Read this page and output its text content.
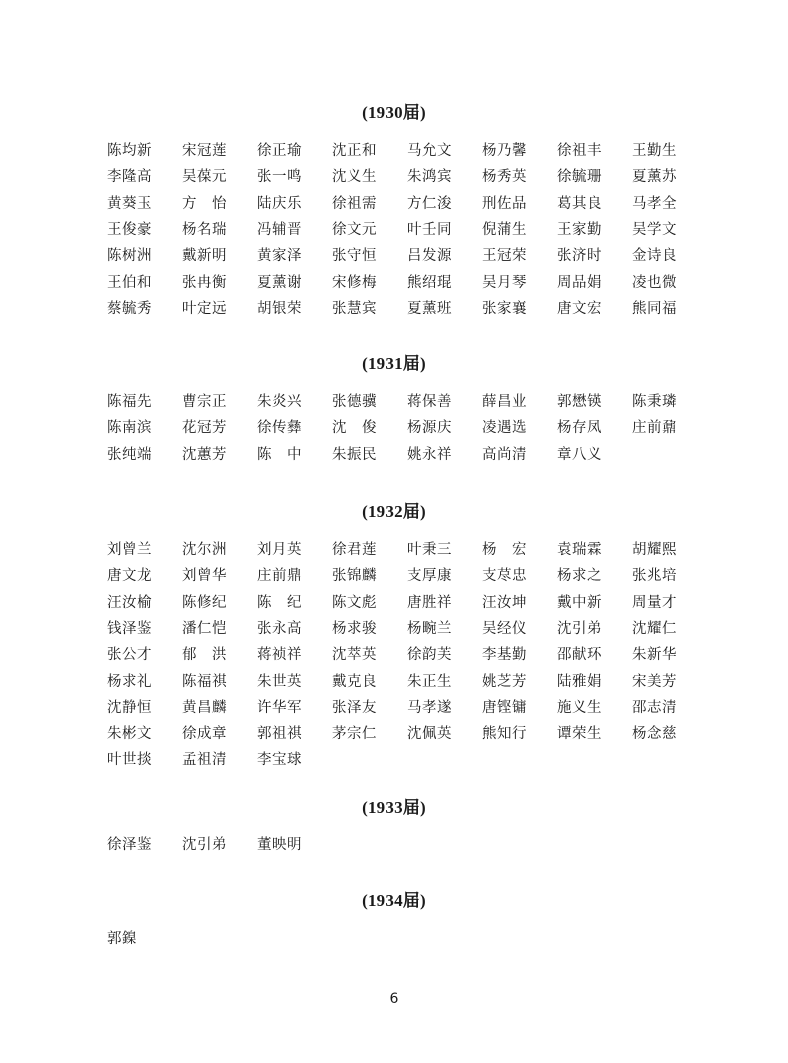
(1930届)
陈均新 宋冠莲 徐正瑜 沈正和 马允文 杨乃馨 徐祖丰 王勤生
李隆高 吴葆元 张一鸣 沈义生 朱鸿宾 杨秀英 徐毓珊 夏薰苏
黄葵玉 方　怡 陆庆乐 徐祖需 方仁浚 刑佐品 葛其良 马孝全
王俊豪 杨名瑞 冯辅晋 徐文元 叶壬同 倪蒲生 王家勤 吴学文
陈树洲 戴新明 黄家泽 张守恒 吕发源 王冠荣 张济时 金诗良
王伯和 张冉衡 夏薰谢 宋修梅 熊绍琨 吴月琴 周品娟 凌也微
蔡毓秀 叶定远 胡银荣 张慧宾 夏薰班 张家襄 唐文宏 熊同福
(1931届)
陈福先 曹宗正 朱炎兴 张德骥 蒋保善 薛昌业 郭懋锳 陈秉璘
陈南滨 花冠芳 徐传彝 沈　俊 杨源庆 凌遇选 杨存凤 庄前鼐
张纯端 沈蕙芳 陈　中 朱振民 姚永祥 高尚清 章八义
(1932届)
刘曾兰 沈尔洲 刘月英 徐君莲 叶秉三 杨　宏 袁瑞霖 胡耀熙
唐文龙 刘曾华 庄前鼎 张锦麟 支厚康 支荩忠 杨求之 张兆培
汪汝榆 陈修纪 陈　纪 陈文彪 唐胜祥 汪汝坤 戴中新 周量才
钱泽鉴 潘仁恺 张永高 杨求骏 杨畹兰 吴经仪 沈引弟 沈耀仁
张公才 郁　洪 蒋祯祥 沈萃英 徐韵芙 李基勤 邵献环 朱新华
杨求礼 陈福祺 朱世英 戴克良 朱正生 姚芝芳 陆雅娟 宋美芳
沈静恒 黄昌麟 许华军 张泽友 马孝遂 唐铿镛 施义生 邵志清
朱彬文 徐成章 郭祖祺 茅宗仁 沈佩英 熊知行 谭荣生 杨念慈
叶世掞 孟祖清 李宝球
(1933届)
徐泽鉴 沈引弟 董映明
(1934届)
郭鎳
6
